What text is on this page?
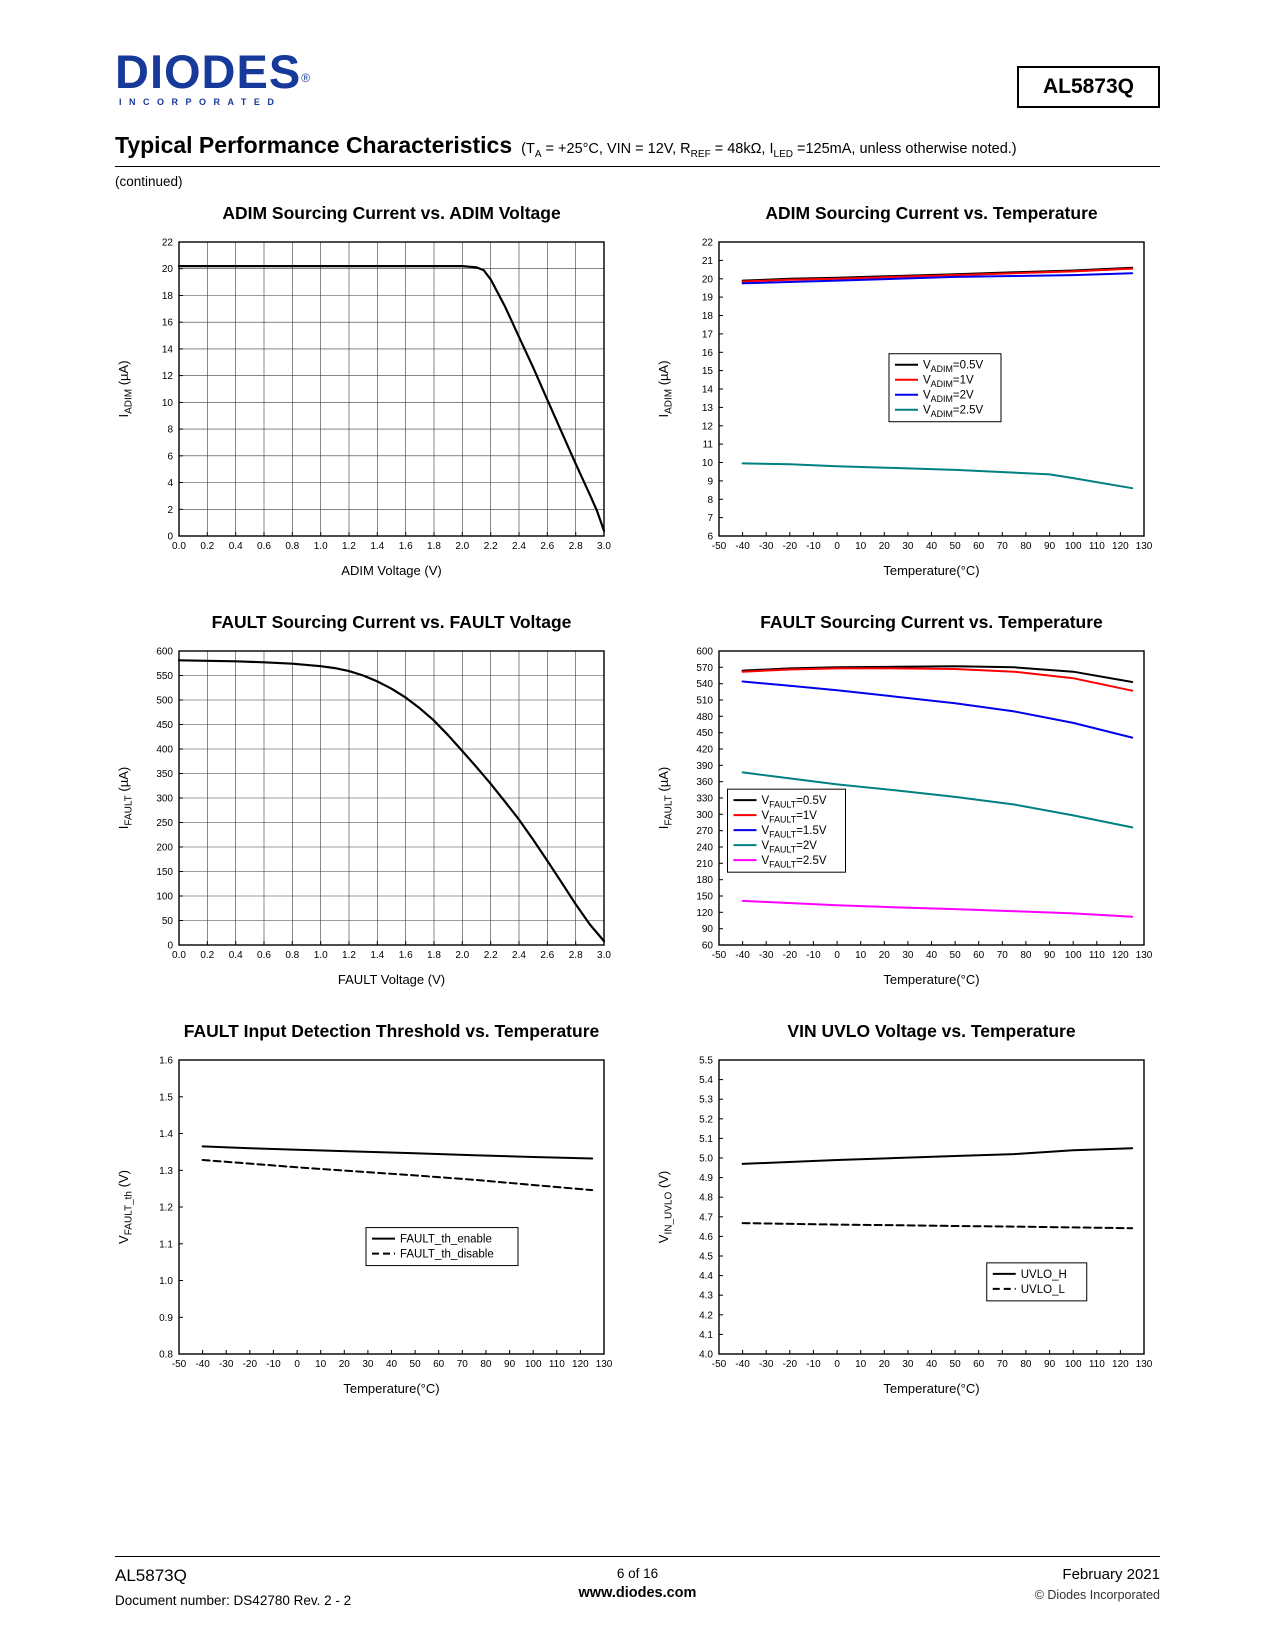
DIODES®
INCORPORATED
AL5873Q
Typical Performance Characteristics ($T_A = +25^\circ C$, VIN = 12V, $R_{REF} = 48k\Omega$, $I_{LED} =125mA$, unless otherwise noted.)
(continued)
ADIM Sourcing Current vs. ADIM Voltage
0.0 0.2 0.4 0.6 0.8 1.0 1.2 1.4 1.6 1.8 2.0 2.2 2.4 2.6 2.8 3.0
0
2
4
6
8
10
12
14
16
18
20
22
ADIM Voltage (V)
$I_{ADIM}$ (µA)
ADIM Sourcing Current vs. Temperature
-50 -40 -30 -20 -10 0 10 20 30 40 50 60 70 80 90 100 110 120 130
6
7
8
9
10
11
12
13
14
15
16
17
18
19
20
21
22
$V_{ADIM}=0.5V$
$V_{ADIM}=1V$
$V_{ADIM}=2V$
$V_{ADIM}=2.5V$
Temperature(°C)
$I_{ADIM}$ (µA)
FAULT Sourcing Current vs. FAULT Voltage
0.0 0.2 0.4 0.6 0.8 1.0 1.2 1.4 1.6 1.8 2.0 2.2 2.4 2.6 2.8 3.0
0
50
100
150
200
250
300
350
400
450
500
550
600
FAULT Voltage (V)
$I_{FAULT}$ (µA)
FAULT Sourcing Current vs. Temperature
-50 -40 -30 -20 -10 0 10 20 30 40 50 60 70 80 90 100 110 120 130
60
90
120
150
180
210
240
270
300
330
360
390
420
450
480
510
540
570
600
$V_{FAULT}=0.5V$
$V_{FAULT}=1V$
$V_{FAULT}=1.5V$
$V_{FAULT}=2V$
$V_{FAULT}=2.5V$
Temperature(°C)
$I_{FAULT}$ (µA)
FAULT Input Detection Threshold vs. Temperature
-50 -40 -30 -20 -10 0 10 20 30 40 50 60 70 80 90 100 110 120 130
0.8
0.9
1.0
1.1
1.2
1.3
1.4
1.5
1.6
FAULT_th_enable
FAULT_th_disable
Temperature(°C)
$V_{FAULT\_th}$ (V)
VIN UVLO Voltage vs. Temperature
-50 -40 -30 -20 -10 0 10 20 30 40 50 60 70 80 90 100 110 120 130
4.0
4.1
4.2
4.3
4.4
4.5
4.6
4.7
4.8
4.9
5.0
5.1
5.2
5.3
5.4
5.5
UVLO_H
UVLO_L
Temperature(°C)
$V_{IN\_UVLO}$ (V)
AL5873Q
Document number: DS42780 Rev. 2 - 2
6 of 16
www.diodes.com
February 2021
© Diodes Incorporated
